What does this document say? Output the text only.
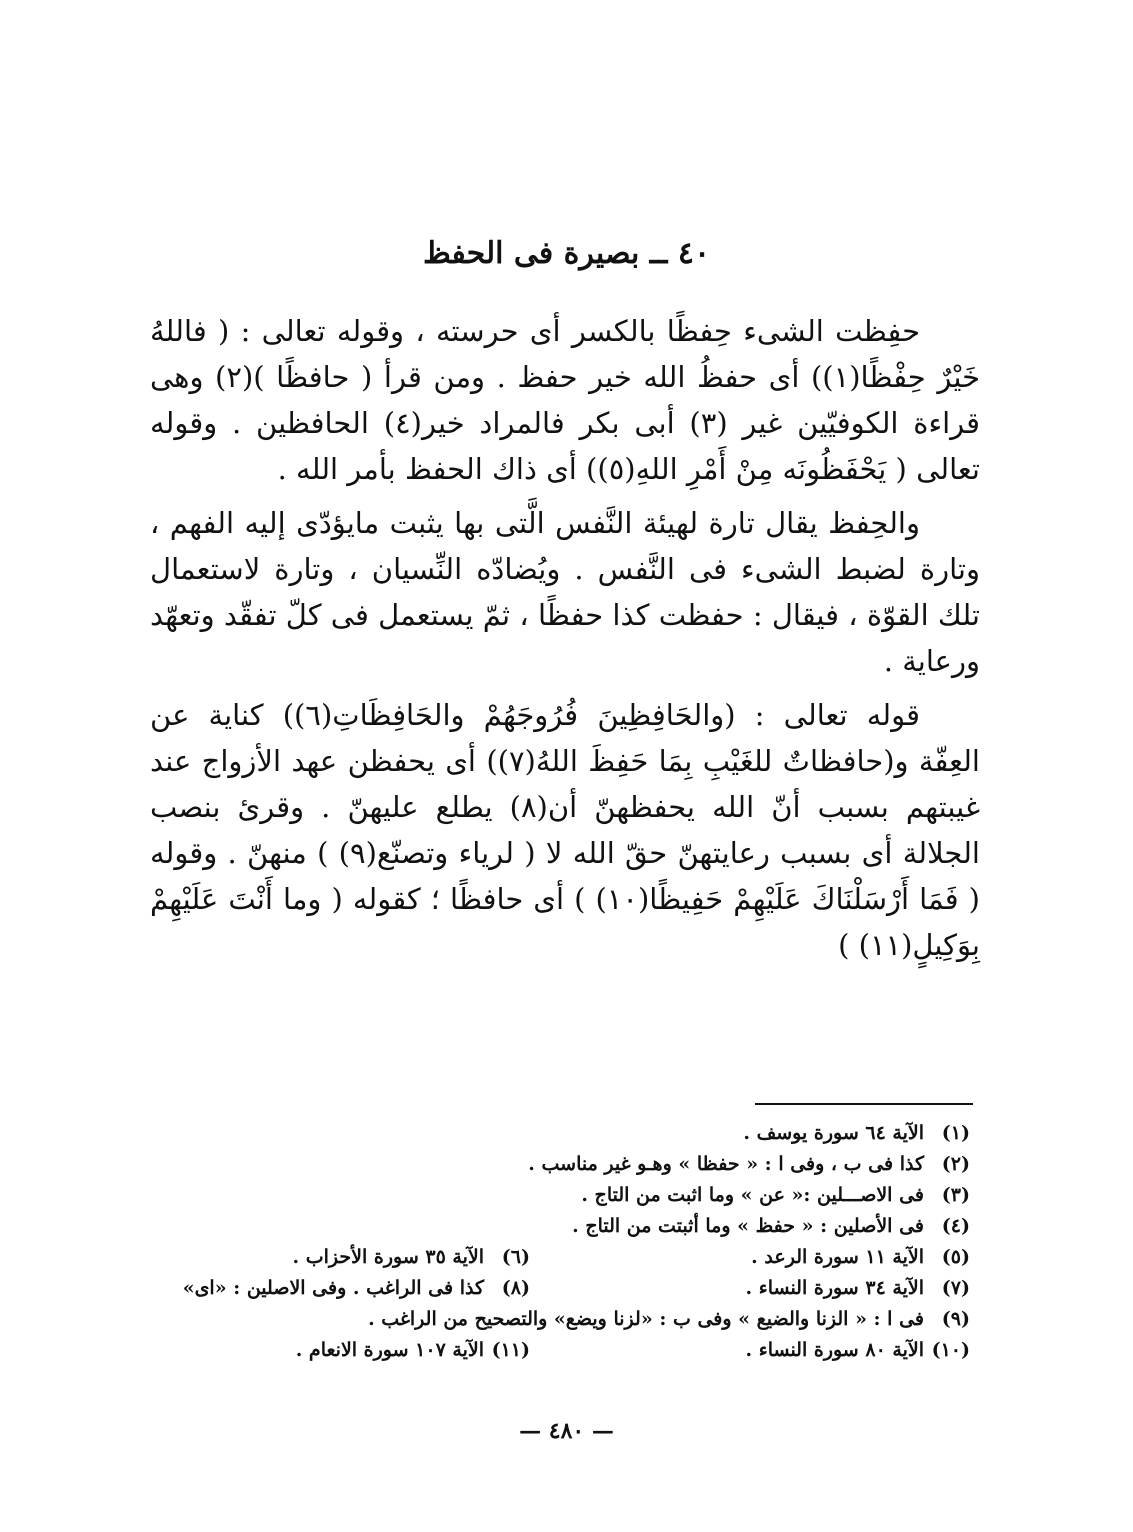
٤٠ ــ بصيرة فى الحفظ

حفِظت الشىء حِفظًا بالكسر أى حرسته ، وقوله تعالى : ( فاللهُ خَيْرٌ حِفْظًا(١)) أى حفظُ الله خير حفظ . ومن قرأ ( حافظًا )(٢) وهى قراءة الكوفيّين غير (٣) أبى بكر فالمراد خير(٤) الحافظين . وقوله تعالى ( يَحْفَظُونَه مِنْ أَمْرِ اللهِ(٥)) أى ذاك الحفظ بأمر الله .

والحِفظ يقال تارة لهيئة النَّفس الَّتى بها يثبت مايؤدّى إليه الفهم ، وتارة لضبط الشىء فى النَّفس . ويُضادّه النِّسيان ، وتارة لاستعمال تلك القوّة ، فيقال : حفظت كذا حفظًا ، ثمّ يستعمل فى كلّ تفقّد وتعهّد ورعاية .

قوله تعالى : (والحَافِظِينَ فُرُوجَهُمْ والحَافِظَاتِ(٦)) كناية عن العِفّة و(حافظاتٌ للغَيْبِ بِمَا حَفِظَ اللهُ(٧)) أى يحفظن عهد الأزواج عند غيبتهم بسبب أنّ الله يحفظهنّ أن(٨) يطلع عليهنّ . وقرئ بنصب الجلالة أى بسبب رعايتهنّ حقّ الله لا ( لرياء وتصنّع(٩) ) منهنّ . وقوله ( فَمَا أَرْسَلْنَاكَ عَلَيْهِمْ حَفِيظًا(١٠) ) أى حافظًا ؛ كقوله ( وما أَنْتَ عَلَيْهِمْ بِوَكِيلٍ(١١) )

(١)
الآية ٦٤ سورة يوسف .
(٢)
كذا فى ب ، وفى ا : « حفظا » وهـو غير مناسب .
(٣)
فى الاصـــلين :« عن » وما اثبت من التاج .
(٤)
فى الأصلين : « حفظ » وما أثبتت من التاج .
(٥)
الآية ١١ سورة الرعد .
(٦)
الآية ٣٥ سورة الأحزاب .
(٧)
الآية ٣٤ سورة النساء .
(٨)
كذا فى الراغب . وفى الاصلين : «اى»
(٩)
فى ا : « الزنا والضيع » وفى ب : «لزنا ويضع» والتصحيح من الراغب .
(١٠)
الآية ٨٠ سورة النساء .
(١١)
الآية ١٠٧ سورة الانعام .
— ٤٨٠ —
